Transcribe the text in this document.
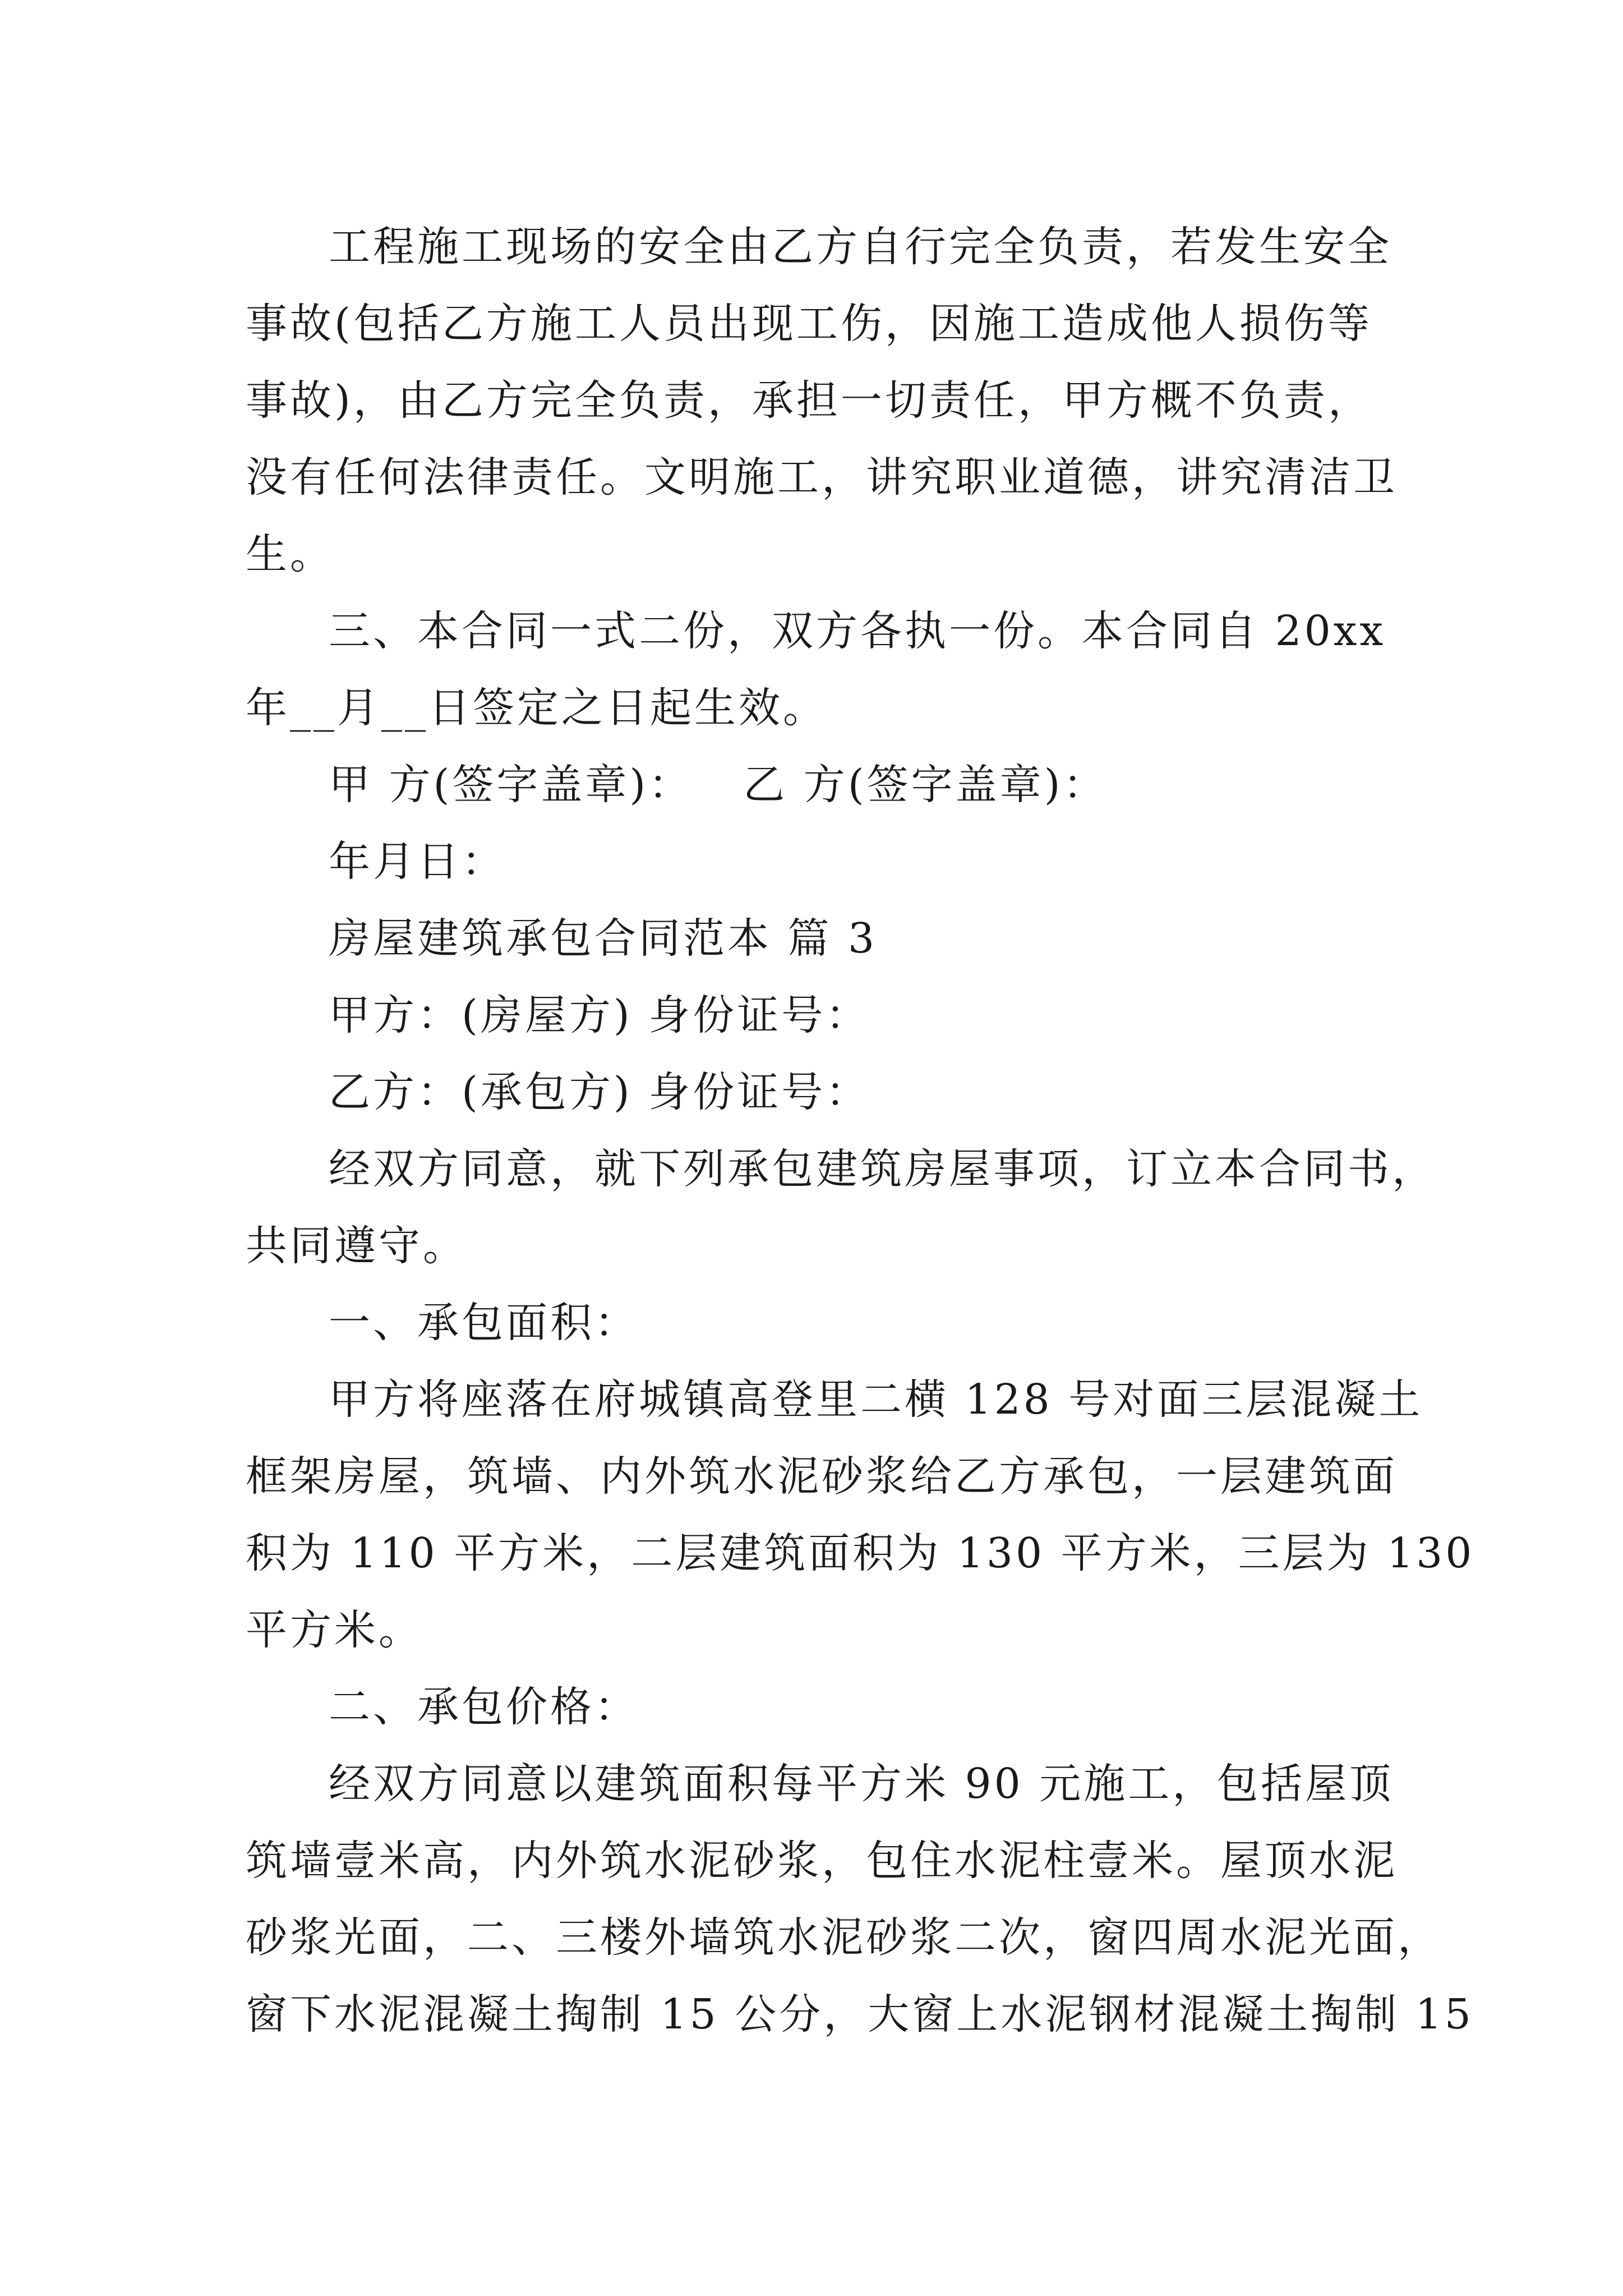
工程施工现场的安全由乙方自行完全负责，若发生安全
事故(包括乙方施工人员出现工伤，因施工造成他人损伤等
事故)，由乙方完全负责，承担一切责任，甲方概不负责，
没有任何法律责任。文明施工，讲究职业道德，讲究清洁卫
生。
三、本合同一式二份，双方各执一份。本合同自 20xx
年__月__日签定之日起生效。
甲 方(签字盖章)： 乙 方(签字盖章)：
年月日：
房屋建筑承包合同范本 篇 3
甲方：(房屋方) 身份证号：
乙方：(承包方) 身份证号：
经双方同意，就下列承包建筑房屋事项，订立本合同书，
共同遵守。
一、承包面积：
甲方将座落在府城镇高登里二横 128 号对面三层混凝土
框架房屋，筑墙、内外筑水泥砂浆给乙方承包，一层建筑面
积为 110 平方米，二层建筑面积为 130 平方米，三层为 130
平方米。
二、承包价格：
经双方同意以建筑面积每平方米 90 元施工，包括屋顶
筑墙壹米高，内外筑水泥砂浆，包住水泥柱壹米。屋顶水泥
砂浆光面，二、三楼外墙筑水泥砂浆二次，窗四周水泥光面，
窗下水泥混凝土掏制 15 公分，大窗上水泥钢材混凝土掏制 15
